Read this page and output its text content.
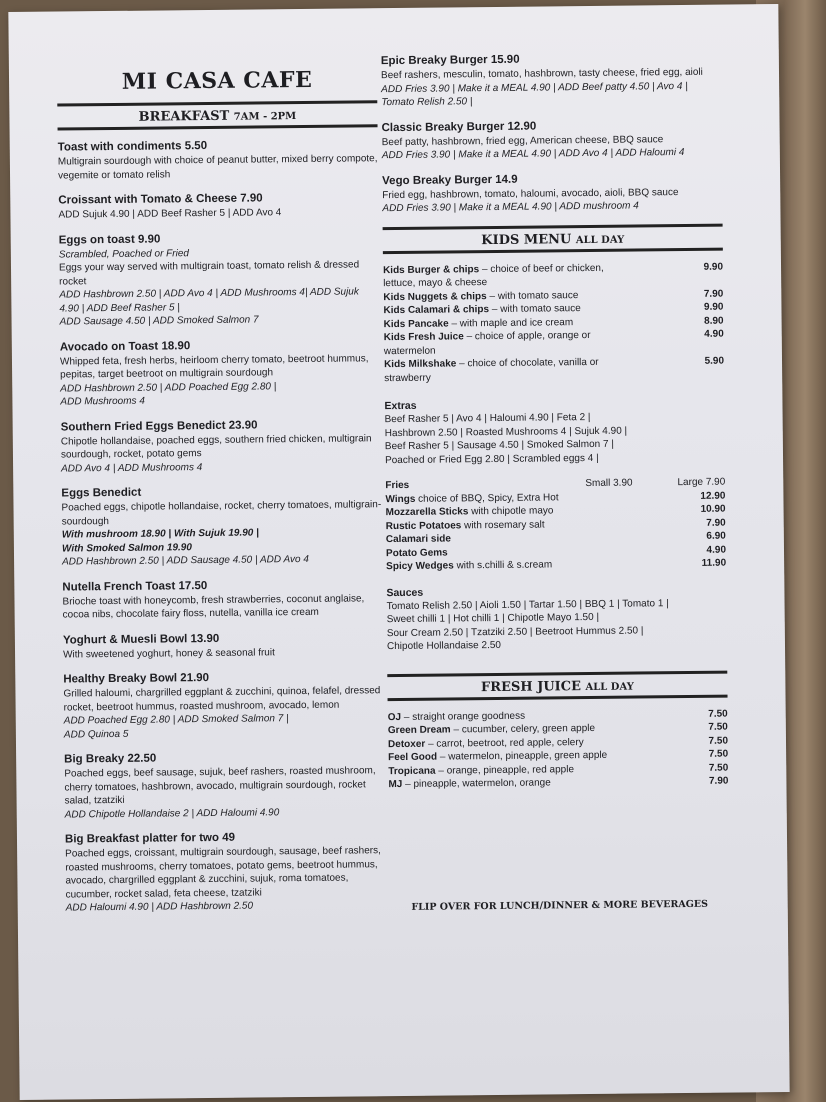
MI CASA CAFE
BREAKFAST 7AM - 2PM
Toast with condiments 5.50
Multigrain sourdough with choice of peanut butter, mixed berry compote, vegemite or tomato relish
Croissant with Tomato & Cheese 7.90
ADD Sujuk 4.90 | ADD Beef Rasher 5 | ADD Avo 4
Eggs on toast 9.90
Scrambled, Poached or Fried
Eggs your way served with multigrain toast, tomato relish & dressed rocket
ADD Hashbrown 2.50 | ADD Avo 4 | ADD Mushrooms 4| ADD Sujuk 4.90 | ADD Beef Rasher 5 |
ADD Sausage 4.50 | ADD Smoked Salmon 7
Avocado on Toast 18.90
Whipped feta, fresh herbs, heirloom cherry tomato, beetroot hummus, pepitas, target beetroot on multigrain sourdough
ADD Hashbrown 2.50 | ADD Poached Egg 2.80 |
ADD Mushrooms 4
Southern Fried Eggs Benedict 23.90
Chipotle hollandaise, poached eggs, southern fried chicken, multigrain sourdough, rocket, potato gems
ADD Avo 4 | ADD Mushrooms 4
Eggs Benedict
Poached eggs, chipotle hollandaise, rocket, cherry tomatoes, multigrain-sourdough
With mushroom 18.90 | With Sujuk 19.90 |
With Smoked Salmon 19.90
ADD Hashbrown 2.50 | ADD Sausage 4.50 | ADD Avo 4
Nutella French Toast 17.50
Brioche toast with honeycomb, fresh strawberries, coconut anglaise, cocoa nibs, chocolate fairy floss, nutella, vanilla ice cream
Yoghurt & Muesli Bowl 13.90
With sweetened yoghurt, honey & seasonal fruit
Healthy Breaky Bowl 21.90
Grilled haloumi, chargrilled eggplant & zucchini, quinoa, felafel, dressed rocket, beetroot hummus, roasted mushroom, avocado, lemon
ADD Poached Egg 2.80 | ADD Smoked Salmon 7 |
ADD Quinoa 5
Big Breaky 22.50
Poached eggs, beef sausage, sujuk, beef rashers, roasted mushroom, cherry tomatoes, hashbrown, avocado, multigrain sourdough, rocket salad, tzatziki
ADD Chipotle Hollandaise 2 | ADD Haloumi 4.90
Big Breakfast platter for two 49
Poached eggs, croissant, multigrain sourdough, sausage, beef rashers, roasted mushrooms, cherry tomatoes, potato gems, beetroot hummus, avocado, chargrilled eggplant & zucchini, sujuk, roma tomatoes, cucumber, rocket salad, feta cheese, tzatziki
ADD Haloumi 4.90 | ADD Hashbrown 2.50
Epic Breaky Burger 15.90
Beef rashers, mesculin, tomato, hashbrown, tasty cheese, fried egg, aioli
ADD Fries 3.90 | Make it a MEAL 4.90 | ADD Beef patty 4.50 | Avo 4 | Tomato Relish 2.50 |
Classic Breaky Burger 12.90
Beef patty, hashbrown, fried egg, American cheese, BBQ sauce
ADD Fries 3.90 | Make it a MEAL 4.90 | ADD Avo 4 | ADD Haloumi 4
Vego Breaky Burger 14.9
Fried egg, hashbrown, tomato, haloumi, avocado, aioli, BBQ sauce
ADD Fries 3.90 | Make it a MEAL 4.90 | ADD mushroom 4
KIDS MENU ALL DAY
Kids Burger & chips – choice of beef or chicken, lettuce, mayo & cheese
9.90
Kids Nuggets & chips – with tomato sauce	7.90
Kids Calamari & chips – with tomato sauce	9.90
Kids Pancake – with maple and ice cream	8.90
Kids Fresh Juice – choice of apple, orange or watermelon
4.90
Kids Milkshake – choice of chocolate, vanilla or strawberry
5.90
Extras
Beef Rasher 5 | Avo 4 | Haloumi 4.90 | Feta 2 |
Hashbrown 2.50 | Roasted Mushrooms 4 | Sujuk 4.90 |
Beef Rasher 5 | Sausage 4.50 | Smoked Salmon 7 |
Poached or Fried Egg 2.80 | Scrambled eggs 4 |
Fries	Small 3.90	Large 7.90
Wings choice of BBQ, Spicy, Extra Hot	12.90
Mozzarella Sticks with chipotle mayo	10.90
Rustic Potatoes with rosemary salt	7.90
Calamari side	6.90
Potato Gems	4.90
Spicy Wedges with s.chilli & s.cream	11.90
Sauces
Tomato Relish 2.50 | Aioli 1.50 | Tartar 1.50 | BBQ 1 | Tomato 1 |
Sweet chilli 1 | Hot chilli 1 | Chipotle Mayo 1.50 |
Sour Cream 2.50 | Tzatziki 2.50 | Beetroot Hummus 2.50 |
Chipotle Hollandaise 2.50
FRESH JUICE ALL DAY
OJ – straight orange goodness	7.50
Green Dream – cucumber, celery, green apple	7.50
Detoxer – carrot, beetroot, red apple, celery	7.50
Feel Good – watermelon, pineapple, green apple	7.50
Tropicana – orange, pineapple, red apple	7.50
MJ – pineapple, watermelon, orange	7.90
FLIP OVER FOR LUNCH/DINNER & MORE BEVERAGES
